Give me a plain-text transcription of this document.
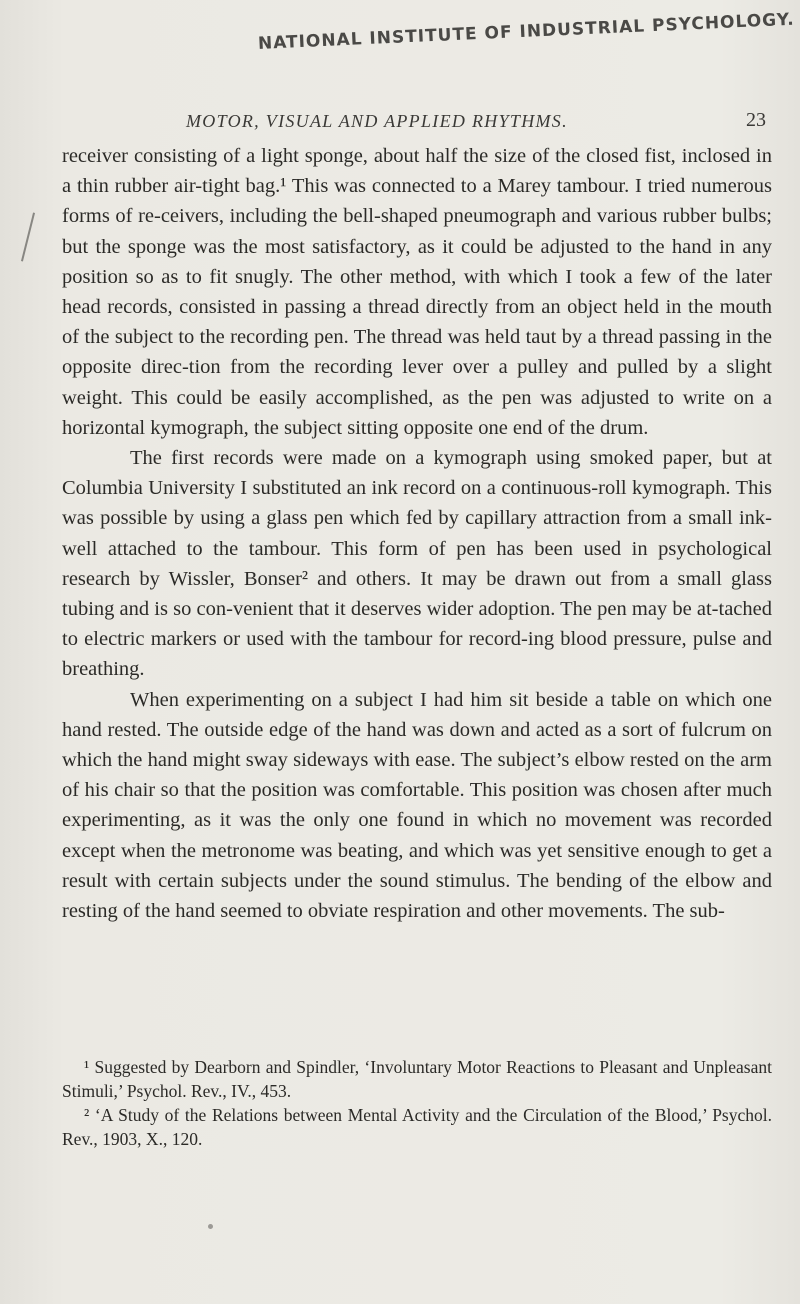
NATIONAL INSTITUTE OF INDUSTRIAL PSYCHOLOGY.
MOTOR, VISUAL AND APPLIED RHYTHMS.	23

receiver consisting of a light sponge, about half the size of the closed fist, inclosed in a thin rubber air-tight bag.¹ This was connected to a Marey tambour. I tried numerous forms of re-ceivers, including the bell-shaped pneumograph and various rubber bulbs; but the sponge was the most satisfactory, as it could be adjusted to the hand in any position so as to fit snugly. The other method, with which I took a few of the later head records, consisted in passing a thread directly from an object held in the mouth of the subject to the recording pen. The thread was held taut by a thread passing in the opposite direc-tion from the recording lever over a pulley and pulled by a slight weight. This could be easily accomplished, as the pen was adjusted to write on a horizontal kymograph, the subject sitting opposite one end of the drum.

The first records were made on a kymograph using smoked paper, but at Columbia University I substituted an ink record on a continuous-roll kymograph. This was possible by using a glass pen which fed by capillary attraction from a small ink-well attached to the tambour. This form of pen has been used in psychological research by Wissler, Bonser² and others. It may be drawn out from a small glass tubing and is so con-venient that it deserves wider adoption. The pen may be at-tached to electric markers or used with the tambour for record-ing blood pressure, pulse and breathing.

When experimenting on a subject I had him sit beside a table on which one hand rested. The outside edge of the hand was down and acted as a sort of fulcrum on which the hand might sway sideways with ease. The subject’s elbow rested on the arm of his chair so that the position was comfortable. This position was chosen after much experimenting, as it was the only one found in which no movement was recorded except when the metronome was beating, and which was yet sensitive enough to get a result with certain subjects under the sound stimulus. The bending of the elbow and resting of the hand seemed to obviate respiration and other movements. The sub-

¹ Suggested by Dearborn and Spindler, ‘Involuntary Motor Reactions to Pleasant and Unpleasant Stimuli,’ Psychol. Rev., IV., 453.

² ‘A Study of the Relations between Mental Activity and the Circulation of the Blood,’ Psychol. Rev., 1903, X., 120.
